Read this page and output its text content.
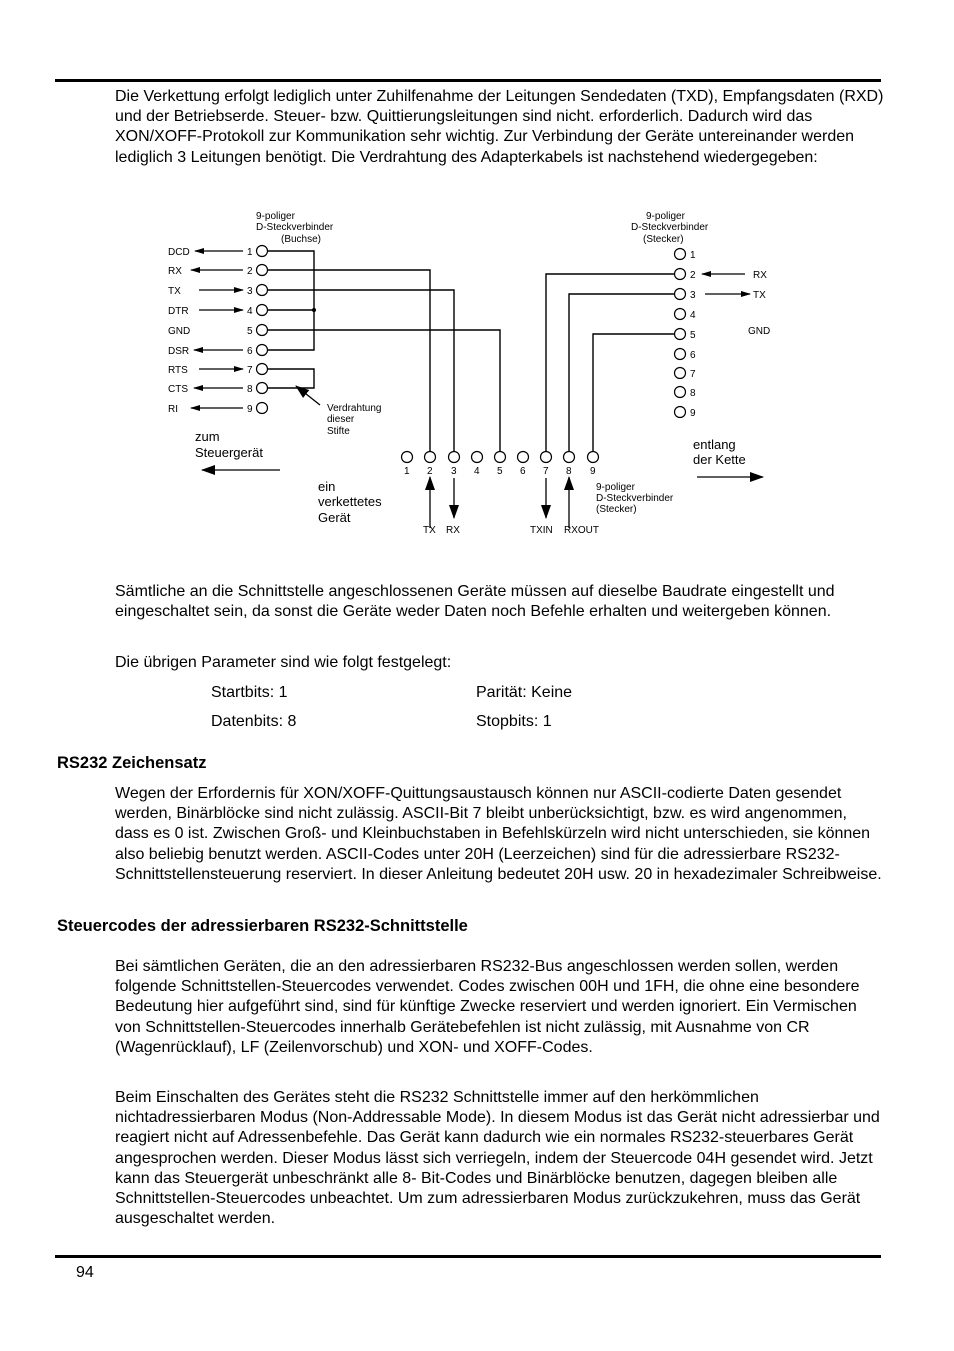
Die Verkettung erfolgt lediglich unter Zuhilfenahme der Leitungen Sendedaten (TXD), Empfangsdaten (RXD) und der Betriebserde. Steuer- bzw. Quittierungsleitungen sind nicht. erforderlich. Dadurch wird das XON/XOFF-Protokoll zur Kommunikation sehr wichtig. Zur Verbindung der Geräte untereinander werden lediglich 3 Leitungen benötigt. Die Verdrahtung des Adapterkabels ist nachstehend wiedergegeben:

DCD	1
RX	2
TX	3
DTR	4
GND	5
DSR	6
RTS	7
CTS	8
RI	9
1
2
3
4
5
6
7
8
9
1 2 3 4 5 6 7 8 9
RX
TX
GND
TX RX	TXIN RXOUT
9-poliger
D-Steckverbinder
(Buchse)
9-poliger
D-Steckverbinder
(Stecker)
9-poliger
D-Steckverbinder
(Stecker)
Verdrahtung
dieser
Stifte
zum
Steuergerät
ein
verkettetes
Gerät
entlang
der Kette

Sämtliche an die Schnittstelle angeschlossenen Geräte müssen auf dieselbe Baudrate eingestellt und eingeschaltet sein, da sonst die Geräte weder Daten noch Befehle erhalten und weitergeben können.

Die übrigen Parameter sind wie folgt festgelegt:

Startbits: 1	Parität: Keine
Datenbits: 8	Stopbits: 1
RS232 Zeichensatz

Wegen der Erfordernis für XON/XOFF-Quittungsaustausch können nur ASCII-codierte Daten gesendet werden, Binärblöcke sind nicht zulässig. ASCII-Bit 7 bleibt unberücksichtigt, bzw. es wird angenommen, dass es 0 ist. Zwischen Groß- und Kleinbuchstaben in Befehlskürzeln wird nicht unterschieden, sie können also beliebig benutzt werden. ASCII-Codes unter 20H (Leerzeichen) sind für die adressierbare RS232-Schnittstellensteuerung reserviert. In dieser Anleitung bedeutet 20H usw. 20 in hexadezimaler Schreibweise.

Steuercodes der adressierbaren RS232-Schnittstelle

Bei sämtlichen Geräten, die an den adressierbaren RS232-Bus angeschlossen werden sollen, werden folgende Schnittstellen-Steuercodes verwendet. Codes zwischen 00H und 1FH, die ohne eine besondere Bedeutung hier aufgeführt sind, sind für künftige Zwecke reserviert und werden ignoriert. Ein Vermischen von Schnittstellen-Steuercodes innerhalb Gerätebefehlen ist nicht zulässig, mit Ausnahme von CR (Wagenrücklauf), LF (Zeilenvorschub) und XON- und XOFF-Codes.

Beim Einschalten des Gerätes steht die RS232 Schnittstelle immer auf den herkömmlichen nichtadressierbaren Modus (Non-Addressable Mode). In diesem Modus ist das Gerät nicht adressierbar und reagiert nicht auf Adressenbefehle. Das Gerät kann dadurch wie ein normales RS232-steuerbares Gerät angesprochen werden. Dieser Modus lässt sich verriegeln, indem der Steuercode 04H gesendet wird. Jetzt kann das Steuergerät unbeschränkt alle 8- Bit-Codes und Binärblöcke benutzen, dagegen bleiben alle Schnittstellen-Steuercodes unbeachtet. Um zum adressierbaren Modus zurückzukehren, muss das Gerät ausgeschaltet werden.

94
